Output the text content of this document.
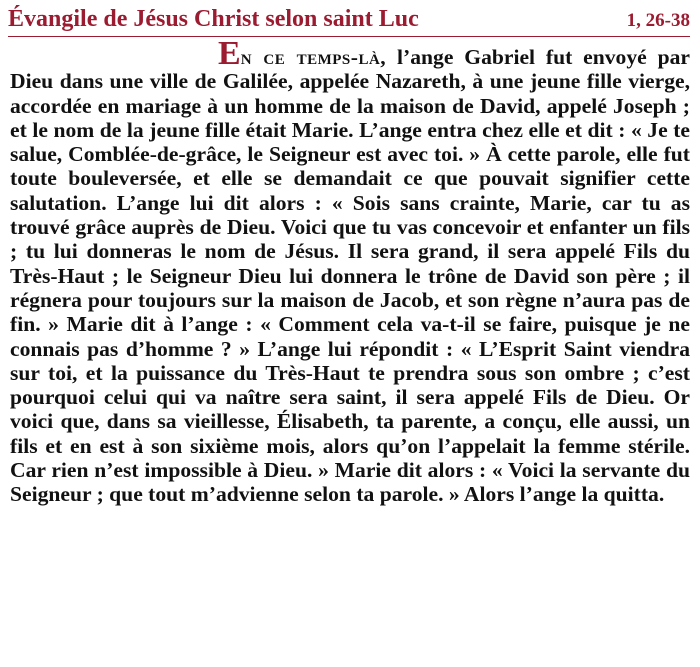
Évangile de Jésus Christ selon saint Luc	1, 26-38
En ce temps-là, l’ange Gabriel fut envoyé par Dieu dans une ville de Galilée, appelée Nazareth, à une jeune fille vierge, accordée en mariage à un homme de la maison de David, appelé Joseph ; et le nom de la jeune fille était Marie. L’ange entra chez elle et dit : « Je te salue, Comblée-de-grâce, le Seigneur est avec toi. » À cette parole, elle fut toute bouleversée, et elle se demandait ce que pouvait signifier cette salutation. L’ange lui dit alors : « Sois sans crainte, Marie, car tu as trouvé grâce auprès de Dieu. Voici que tu vas concevoir et enfanter un fils ; tu lui donneras le nom de Jésus. Il sera grand, il sera appelé Fils du Très-Haut ; le Seigneur Dieu lui donnera le trône de David son père ; il régnera pour toujours sur la maison de Jacob, et son règne n’aura pas de fin. » Marie dit à l’ange : « Comment cela va-t-il se faire, puisque je ne connais pas d’homme ? » L’ange lui répondit : « L’Esprit Saint viendra sur toi, et la puissance du Très-Haut te prendra sous son ombre ; c’est pourquoi celui qui va naître sera saint, il sera appelé Fils de Dieu. Or voici que, dans sa vieillesse, Élisabeth, ta parente, a conçu, elle aussi, un fils et en est à son sixième mois, alors qu’on l’appelait la femme stérile. Car rien n’est impossible à Dieu. » Marie dit alors : « Voici la servante du Seigneur ; que tout m’advienne selon ta parole. » Alors l’ange la quitta.
